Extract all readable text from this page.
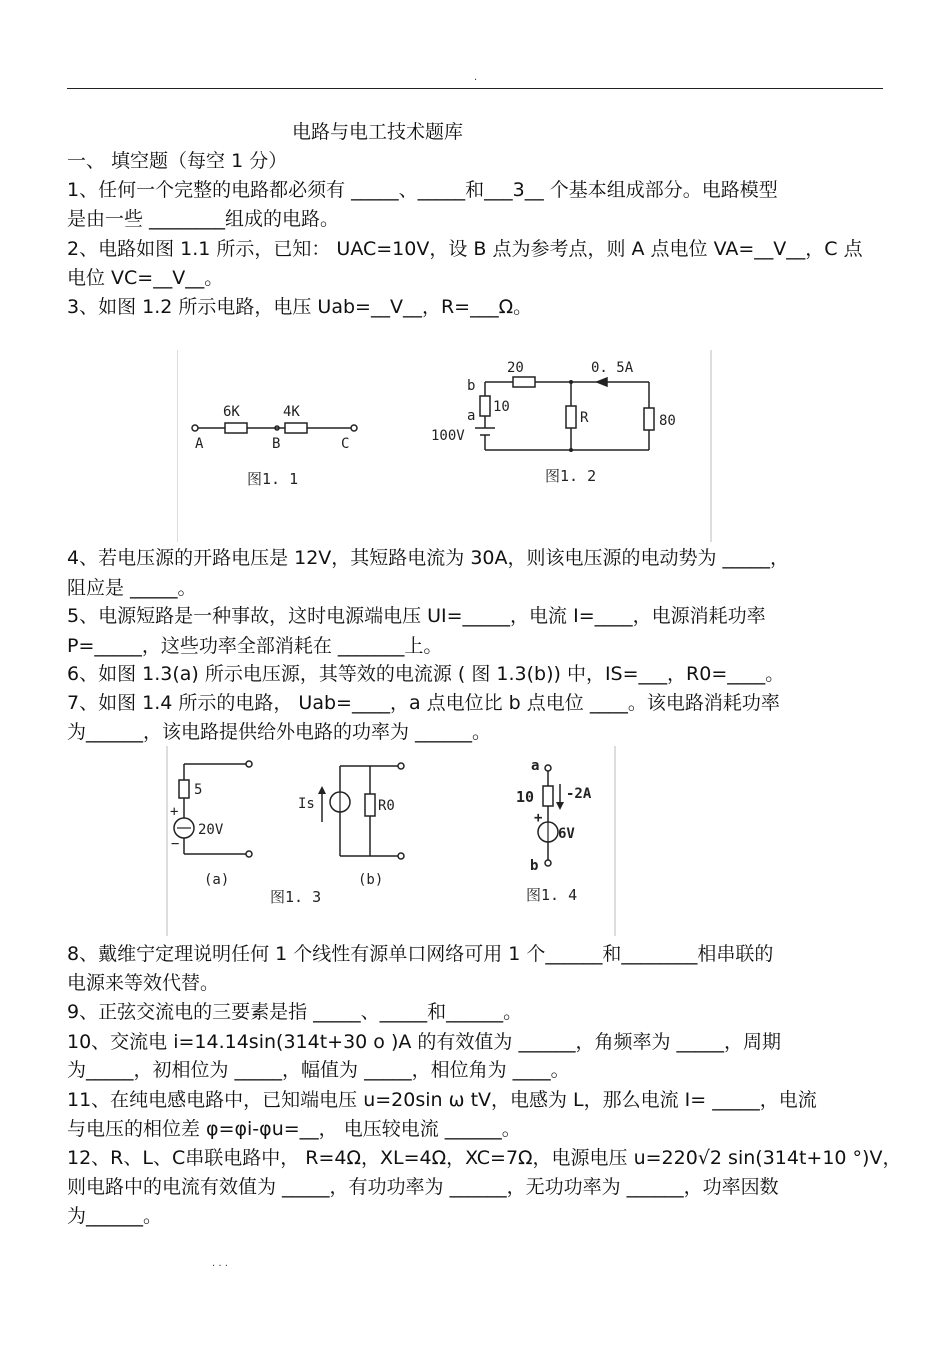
.
电路与电工技术题库
一、 填空题（每空 1 分）
1、任何一个完整的电路都必须有 _____、_____和___3__ 个基本组成部分。电路模型
是由一些 ________组成的电路。
2、电路如图 1.1 所示，已知： UAC=10V，设 B 点为参考点，则 A 点电位 VA=__V__，C 点
电位 VC=__V__。
3、如图 1.2 所示电路，电压 Uab=__V__，R=___Ω。
6K	4K
A	B	C
图1. 1
20	0. 5A
10
R	80
b
a
100V
图1. 2
4、若电压源的开路电压是 12V，其短路电流为 30A，则该电压源的电动势为 _____，
阻应是 _____。
5、电源短路是一种事故，这时电源端电压 UI=_____，电流 I=____，电源消耗功率
P=_____，这些功率全部消耗在 _______上。
6、如图 1.3(a) 所示电压源，其等效的电流源 ( 图 1.3(b)) 中，IS=___，R0=____。
7、如图 1.4 所示的电路， Uab=____，a 点电位比 b 点电位 ____。该电路消耗功率
为______，该电路提供给外电路的功率为 ______。
5
20V
+
−
(a)
Is	R0
(b)
图1. 3
a
10 -2A
+
6V
b
图1. 4
8、戴维宁定理说明任何 1 个线性有源单口网络可用 1 个______和________相串联的
电源来等效代替。
9、正弦交流电的三要素是指 _____、_____和______。
10、交流电 i=14.14sin(314t+30 o )A 的有效值为 ______，角频率为 _____，周期
为_____，初相位为 _____，幅值为 _____，相位角为 ____。
11、在纯电感电路中，已知端电压 u=20sin ω tV，电感为 L，那么电流 I= _____，电流
与电压的相位差 φ=φi-φu=__， 电压较电流 ______。
12、R、L、C串联电路中， R=4Ω，XL=4Ω，XC=7Ω，电源电压 u=220√2 sin(314t+10 °)V，
则电路中的电流有效值为 _____，有功功率为 ______，无功功率为 ______，功率因数
为______。
. . .
